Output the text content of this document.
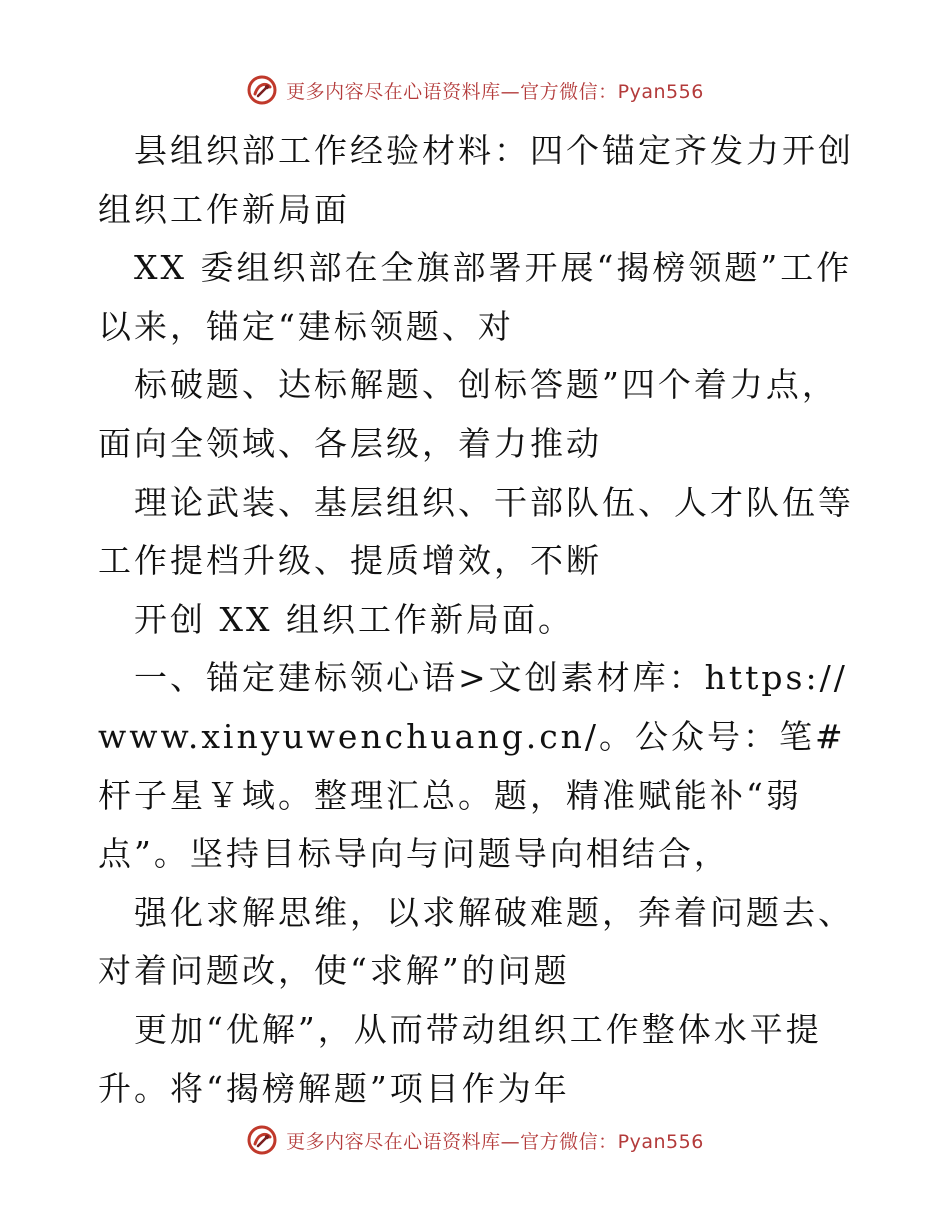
更多内容尽在心语资料库—官方微信：Pyan556

县组织部工作经验材料：四个锚定齐发力开创组织工作新局面

XX 委组织部在全旗部署开展“揭榜领题”工作以来，锚定“建标领题、对

标破题、达标解题、创标答题”四个着力点，面向全领域、各层级，着力推动

理论武装、基层组织、干部队伍、人才队伍等工作提档升级、提质增效，不断

开创 XX 组织工作新局面。

一、锚定建标领心语>文创素材库：https://www.xinyuwenchuang.cn/。公众号：笔#杆子星￥域。整理汇总。题，精准赋能补“弱点”。坚持目标导向与问题导向相结合，

强化求解思维，以求解破难题，奔着问题去、对着问题改，使“求解”的问题

更加“优解”，从而带动组织工作整体水平提升。将“揭榜解题”项目作为年

更多内容尽在心语资料库—官方微信：Pyan556
